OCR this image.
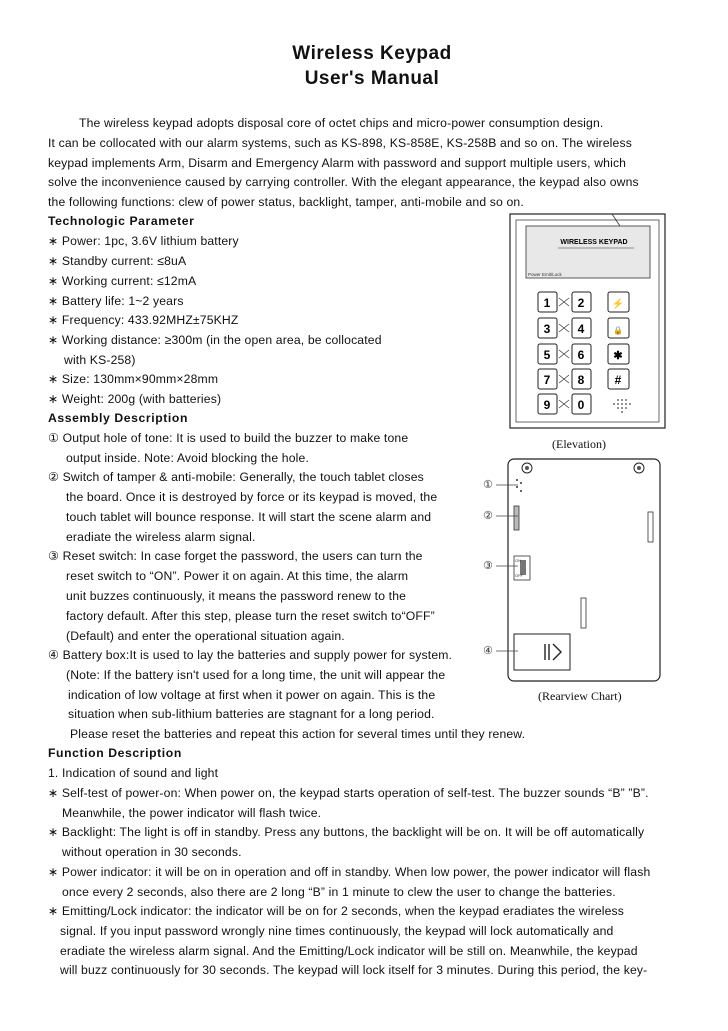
Wireless Keypad
User's Manual
The wireless keypad adopts disposal core of octet chips and micro-power consumption design.
It can be collocated with our alarm systems, such as KS-898, KS-858E, KS-258B and so on. The wireless
keypad implements Arm, Disarm and Emergency Alarm with password and support multiple users, which
solve the inconvenience caused by carrying controller. With the elegant appearance, the keypad also owns
the following functions: clew of power status, backlight, tamper, anti-mobile and so on.
Technologic Parameter
∗ Power: 1pc, 3.6V lithium battery
∗ Standby current: ≤8uA
∗ Working current: ≤12mA
∗ Battery life: 1~2 years
∗ Frequency: 433.92MHZ±75KHZ
∗ Working distance: ≥300m (in the open area, be collocated
with KS-258)
∗ Size: 130mm×90mm×28mm
∗ Weight: 200g (with batteries)
Assembly Description
① Output hole of tone: It is used to build the buzzer to make tone
output inside. Note: Avoid blocking the hole.
② Switch of tamper & anti-mobile: Generally, the touch tablet closes
the board. Once it is destroyed by force or its keypad is moved, the
touch tablet will bounce response. It will start the scene alarm and
eradiate the wireless alarm signal.
③ Reset switch: In case forget the password, the users can turn the
reset switch to “ON”. Power it on again. At this time, the alarm
unit buzzes continuously, it means the password renew to the
factory default. After this step, please turn the reset switch to“OFF”
(Default) and enter the operational situation again.
④ Battery box:It is used to lay the batteries and supply power for system.
(Note: If the battery isn't used for a long time, the unit will appear the
indication of low voltage at first when it power on again. This is the
situation when sub-lithium batteries are stagnant for a long period.
Please reset the batteries and repeat this action for several times until they renew.
Function Description
1. Indication of sound and light
∗ Self-test of power-on: When power on, the keypad starts operation of self-test. The buzzer sounds “B” ”B”.
Meanwhile, the power indicator will flash twice.
∗ Backlight: The light is off in standby. Press any buttons, the backlight will be on. It will be off automatically
without operation in 30 seconds.
∗ Power indicator: it will be on in operation and off in standby. When low power, the power indicator will flash
once every 2 seconds, also there are 2 long “B” in 1 minute to clew the user to change the batteries.
∗ Emitting/Lock indicator: the indicator will be on for 2 seconds, when the keypad eradiates the wireless
signal. If you input password wrongly nine times continuously, the keypad will lock automatically and
eradiate the wireless alarm signal. And the Emitting/Lock indicator will be still on. Meanwhile, the keypad
will buzz continuously for 30 seconds. The keypad will lock itself for 3 minutes. During this period, the key-
WIRELESS KEYPAD
Power Emit/Lock
1 2
3 4
5 6
7 8
9 0
⚡
🔒
✱
#
(Elevation)
ON
OFF
①
②
③
④
(Rearview Chart)
